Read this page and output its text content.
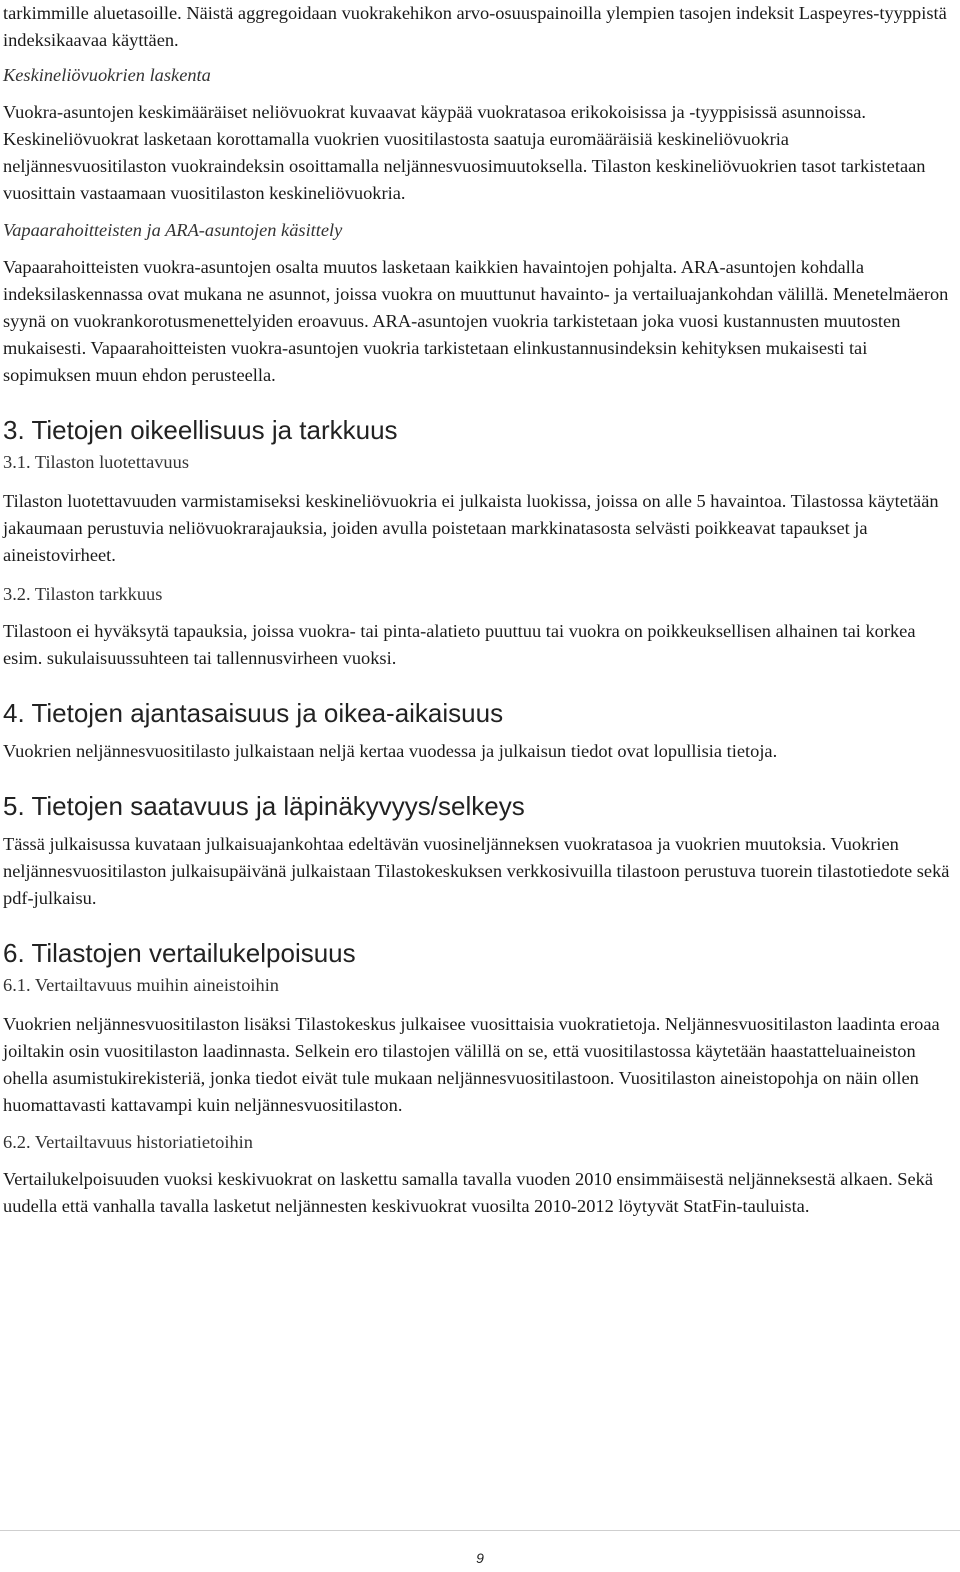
tarkimmille aluetasoille. Näistä aggregoidaan vuokrakehikon arvo-osuuspainoilla ylempien tasojen indeksit Laspeyres-tyyppistä indeksikaavaa käyttäen.

Keskineliövuokrien laskenta

Vuokra-asuntojen keskimääräiset neliövuokrat kuvaavat käypää vuokratasoa erikokoisissa ja -tyyppisissä asunnoissa. Keskineliövuokrat lasketaan korottamalla vuokrien vuositilastosta saatuja euromääräisiä keskineliövuokria neljännesvuositilaston vuokraindeksin osoittamalla neljännesvuosimuutoksella. Tilaston keskineliövuokrien tasot tarkistetaan vuosittain vastaamaan vuositilaston keskineliövuokria.

Vapaarahoitteisten ja ARA-asuntojen käsittely

Vapaarahoitteisten vuokra-asuntojen osalta muutos lasketaan kaikkien havaintojen pohjalta. ARA-asuntojen kohdalla indeksilaskennassa ovat mukana ne asunnot, joissa vuokra on muuttunut havainto- ja vertailuajankohdan välillä. Menetelmäeron syynä on vuokrankorotusmenettelyiden eroavuus. ARA-asuntojen vuokria tarkistetaan joka vuosi kustannusten muutosten mukaisesti. Vapaarahoitteisten vuokra-asuntojen vuokria tarkistetaan elinkustannusindeksin kehityksen mukaisesti tai sopimuksen muun ehdon perusteella.

3. Tietojen oikeellisuus ja tarkkuus

3.1. Tilaston luotettavuus

Tilaston luotettavuuden varmistamiseksi keskineliövuokria ei julkaista luokissa, joissa on alle 5 havaintoa. Tilastossa käytetään jakaumaan perustuvia neliövuokrarajauksia, joiden avulla poistetaan markkinatasosta selvästi poikkeavat tapaukset ja aineistovirheet.

3.2. Tilaston tarkkuus

Tilastoon ei hyväksytä tapauksia, joissa vuokra- tai pinta-alatieto puuttuu tai vuokra on poikkeuksellisen alhainen tai korkea esim. sukulaisuussuhteen tai tallennusvirheen vuoksi.

4. Tietojen ajantasaisuus ja oikea-aikaisuus

Vuokrien neljännesvuositilasto julkaistaan neljä kertaa vuodessa ja julkaisun tiedot ovat lopullisia tietoja.

5. Tietojen saatavuus ja läpinäkyvyys/selkeys

Tässä julkaisussa kuvataan julkaisuajankohtaa edeltävän vuosineljänneksen vuokratasoa ja vuokrien muutoksia. Vuokrien neljännesvuositilaston julkaisupäivänä julkaistaan Tilastokeskuksen verkkosivuilla tilastoon perustuva tuorein tilastotiedote sekä pdf-julkaisu.

6. Tilastojen vertailukelpoisuus

6.1. Vertailtavuus muihin aineistoihin

Vuokrien neljännesvuositilaston lisäksi Tilastokeskus julkaisee vuosittaisia vuokratietoja. Neljännesvuositilaston laadinta eroaa joiltakin osin vuositilaston laadinnasta. Selkein ero tilastojen välillä on se, että vuositilastossa käytetään haastatteluaineiston ohella asumistukirekisteriä, jonka tiedot eivät tule mukaan neljännesvuositilastoon. Vuositilaston aineistopohja on näin ollen huomattavasti kattavampi kuin neljännesvuositilaston.

6.2. Vertailtavuus historiatietoihin

Vertailukelpoisuuden vuoksi keskivuokrat on laskettu samalla tavalla vuoden 2010 ensimmäisestä neljänneksestä alkaen. Sekä uudella että vanhalla tavalla lasketut neljännesten keskivuokrat vuosilta 2010-2012 löytyvät StatFin-tauluista.

9
